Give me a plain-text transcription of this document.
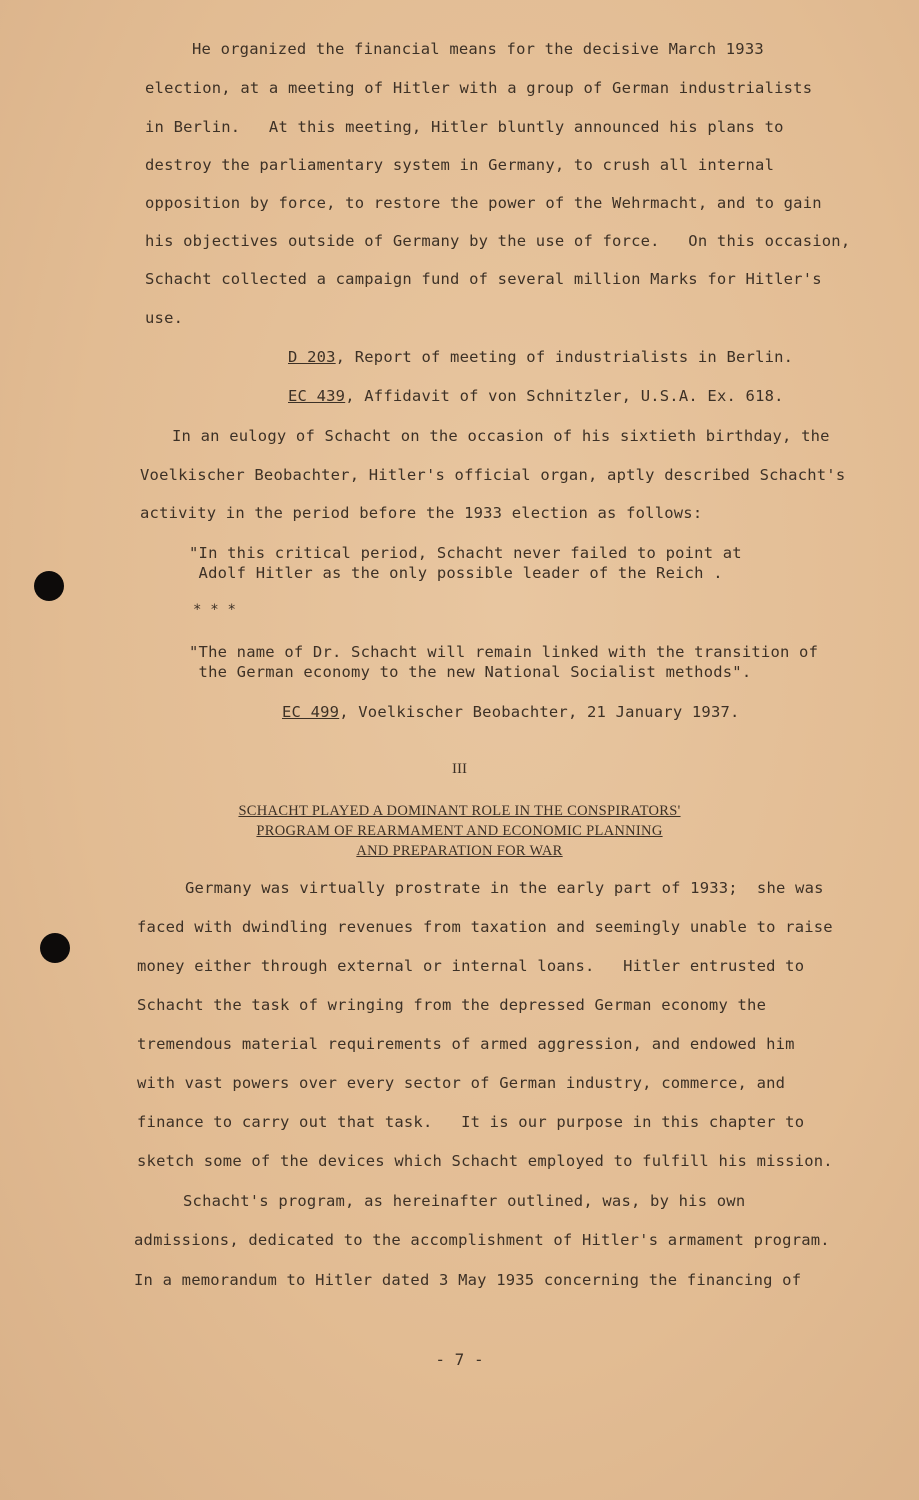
He organized the financial means for the decisive March 1933
election, at a meeting of Hitler with a group of German industrialists
in Berlin.   At this meeting, Hitler bluntly announced his plans to
destroy the parliamentary system in Germany, to crush all internal
opposition by force, to restore the power of the Wehrmacht, and to gain
his objectives outside of Germany by the use of force.   On this occasion,
Schacht collected a campaign fund of several million Marks for Hitler's
use.
D 203, Report of meeting of industrialists in Berlin.
EC 439, Affidavit of von Schnitzler, U.S.A. Ex. 618.
In an eulogy of Schacht on the occasion of his sixtieth birthday, the
Voelkischer Beobachter, Hitler's official organ, aptly described Schacht's
activity in the period before the 1933 election as follows:
"In this critical period, Schacht never failed to point at
Adolf Hitler as the only possible leader of the Reich .
* * *
"The name of Dr. Schacht will remain linked with the transition of
the German economy to the new National Socialist methods".
EC 499, Voelkischer Beobachter, 21 January 1937.
III
SCHACHT PLAYED A DOMINANT ROLE IN THE CONSPIRATORS'
PROGRAM OF REARMAMENT AND ECONOMIC PLANNING
AND PREPARATION FOR WAR
Germany was virtually prostrate in the early part of 1933;  she was
faced with dwindling revenues from taxation and seemingly unable to raise
money either through external or internal loans.   Hitler entrusted to
Schacht the task of wringing from the depressed German economy the
tremendous material requirements of armed aggression, and endowed him
with vast powers over every sector of German industry, commerce, and
finance to carry out that task.   It is our purpose in this chapter to
sketch some of the devices which Schacht employed to fulfill his mission.
Schacht's program, as hereinafter outlined, was, by his own
admissions, dedicated to the accomplishment of Hitler's armament program.
In a memorandum to Hitler dated 3 May 1935 concerning the financing of
- 7 -
